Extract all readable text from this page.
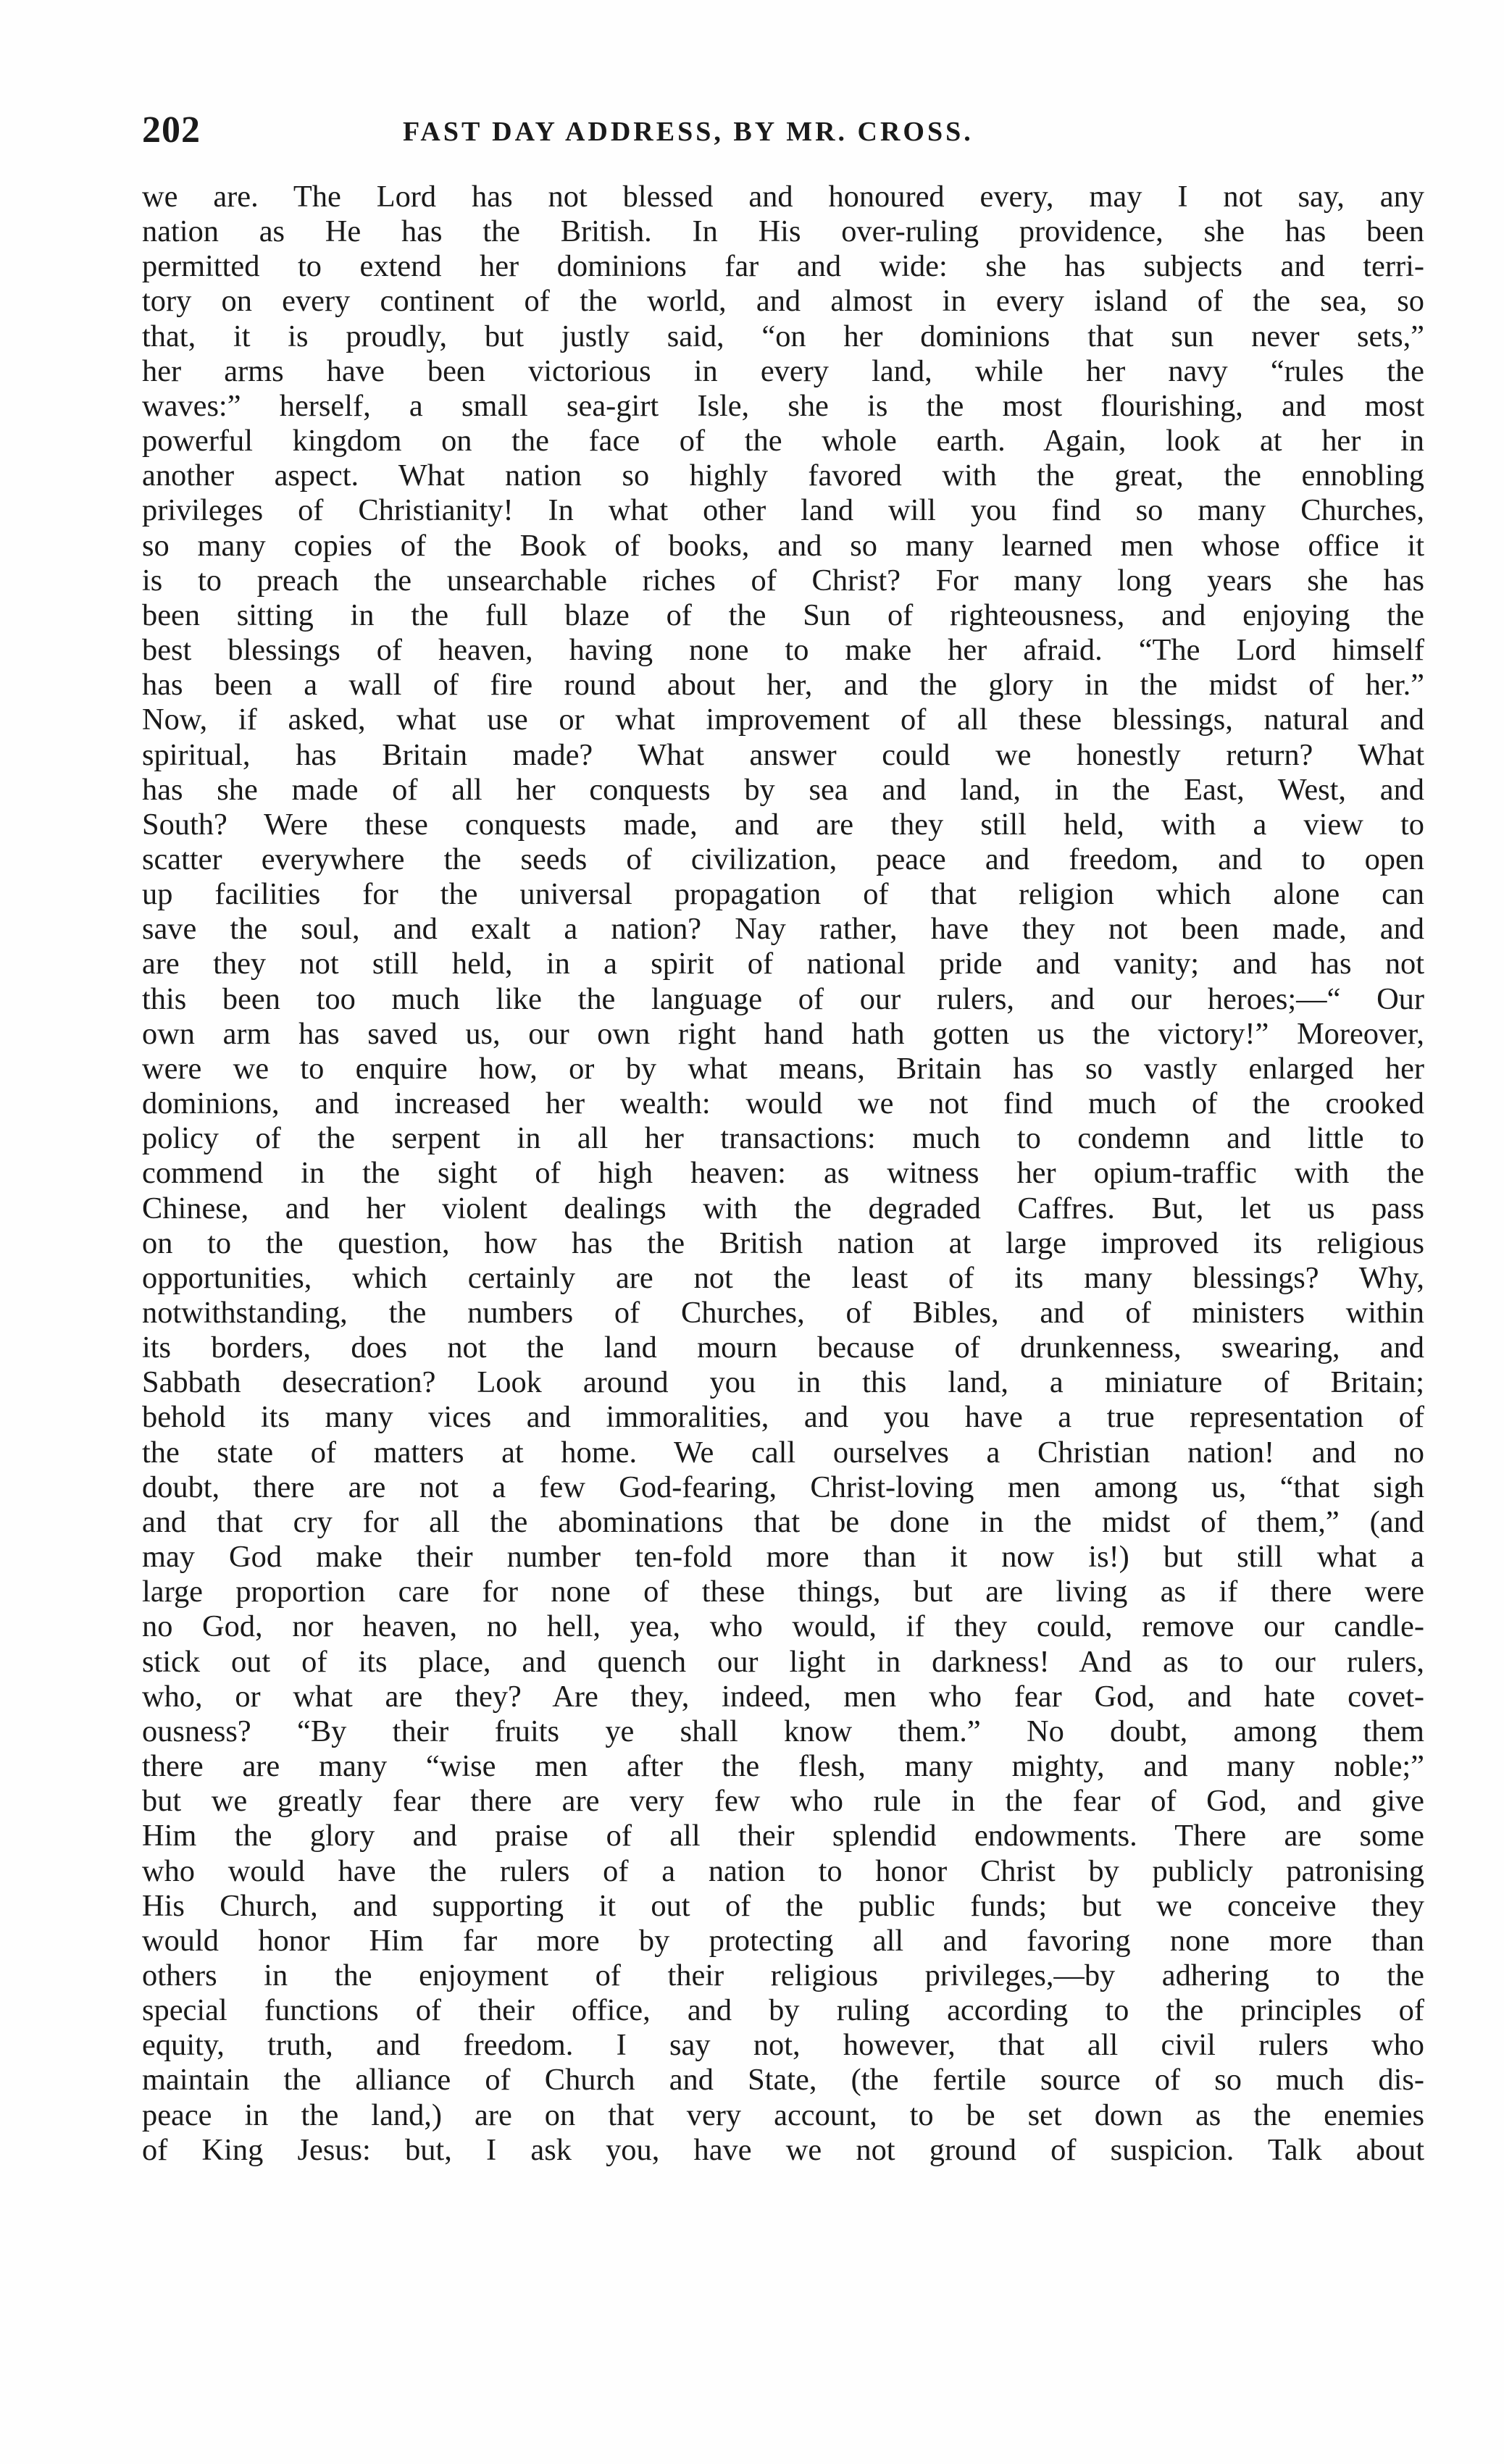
202	FAST DAY ADDRESS, BY MR. CROSS.
we are. The Lord has not blessed and honoured every, may I not say, any
nation as He has the British. In His over-ruling providence, she has been
permitted to extend her dominions far and wide: she has subjects and terri-
tory on every continent of the world, and almost in every island of the sea, so
that, it is proudly, but justly said, “on her dominions that sun never sets,”
her arms have been victorious in every land, while her navy “rules the
waves:” herself, a small sea-girt Isle, she is the most flourishing, and most
powerful kingdom on the face of the whole earth. Again, look at her in
another aspect. What nation so highly favored with the great, the ennobling
privileges of Christianity! In what other land will you find so many Churches,
so many copies of the Book of books, and so many learned men whose office it
is to preach the unsearchable riches of Christ? For many long years she has
been sitting in the full blaze of the Sun of righteousness, and enjoying the
best blessings of heaven, having none to make her afraid. “The Lord himself
has been a wall of fire round about her, and the glory in the midst of her.”
Now, if asked, what use or what improvement of all these blessings, natural and
spiritual, has Britain made? What answer could we honestly return? What
has she made of all her conquests by sea and land, in the East, West, and
South? Were these conquests made, and are they still held, with a view to
scatter everywhere the seeds of civilization, peace and freedom, and to open
up facilities for the universal propagation of that religion which alone can
save the soul, and exalt a nation? Nay rather, have they not been made, and
are they not still held, in a spirit of national pride and vanity; and has not
this been too much like the language of our rulers, and our heroes;—“ Our
own arm has saved us, our own right hand hath gotten us the victory!” Moreover,
were we to enquire how, or by what means, Britain has so vastly enlarged her
dominions, and increased her wealth: would we not find much of the crooked
policy of the serpent in all her transactions: much to condemn and little to
commend in the sight of high heaven: as witness her opium-traffic with the
Chinese, and her violent dealings with the degraded Caffres. But, let us pass
on to the question, how has the British nation at large improved its religious
opportunities, which certainly are not the least of its many blessings? Why,
notwithstanding, the numbers of Churches, of Bibles, and of ministers within
its borders, does not the land mourn because of drunkenness, swearing, and
Sabbath desecration? Look around you in this land, a miniature of Britain;
behold its many vices and immoralities, and you have a true representation of
the state of matters at home. We call ourselves a Christian nation! and no
doubt, there are not a few God-fearing, Christ-loving men among us, “that sigh
and that cry for all the abominations that be done in the midst of them,” (and
may God make their number ten-fold more than it now is!) but still what a
large proportion care for none of these things, but are living as if there were
no God, nor heaven, no hell, yea, who would, if they could, remove our candle-
stick out of its place, and quench our light in darkness! And as to our rulers,
who, or what are they? Are they, indeed, men who fear God, and hate covet-
ousness? “By their fruits ye shall know them.” No doubt, among them
there are many “wise men after the flesh, many mighty, and many noble;”
but we greatly fear there are very few who rule in the fear of God, and give
Him the glory and praise of all their splendid endowments. There are some
who would have the rulers of a nation to honor Christ by publicly patronising
His Church, and supporting it out of the public funds; but we conceive they
would honor Him far more by protecting all and favoring none more than
others in the enjoyment of their religious privileges,—by adhering to the
special functions of their office, and by ruling according to the principles of
equity, truth, and freedom. I say not, however, that all civil rulers who
maintain the alliance of Church and State, (the fertile source of so much dis-
peace in the land,) are on that very account, to be set down as the enemies
of King Jesus: but, I ask you, have we not ground of suspicion. Talk about
